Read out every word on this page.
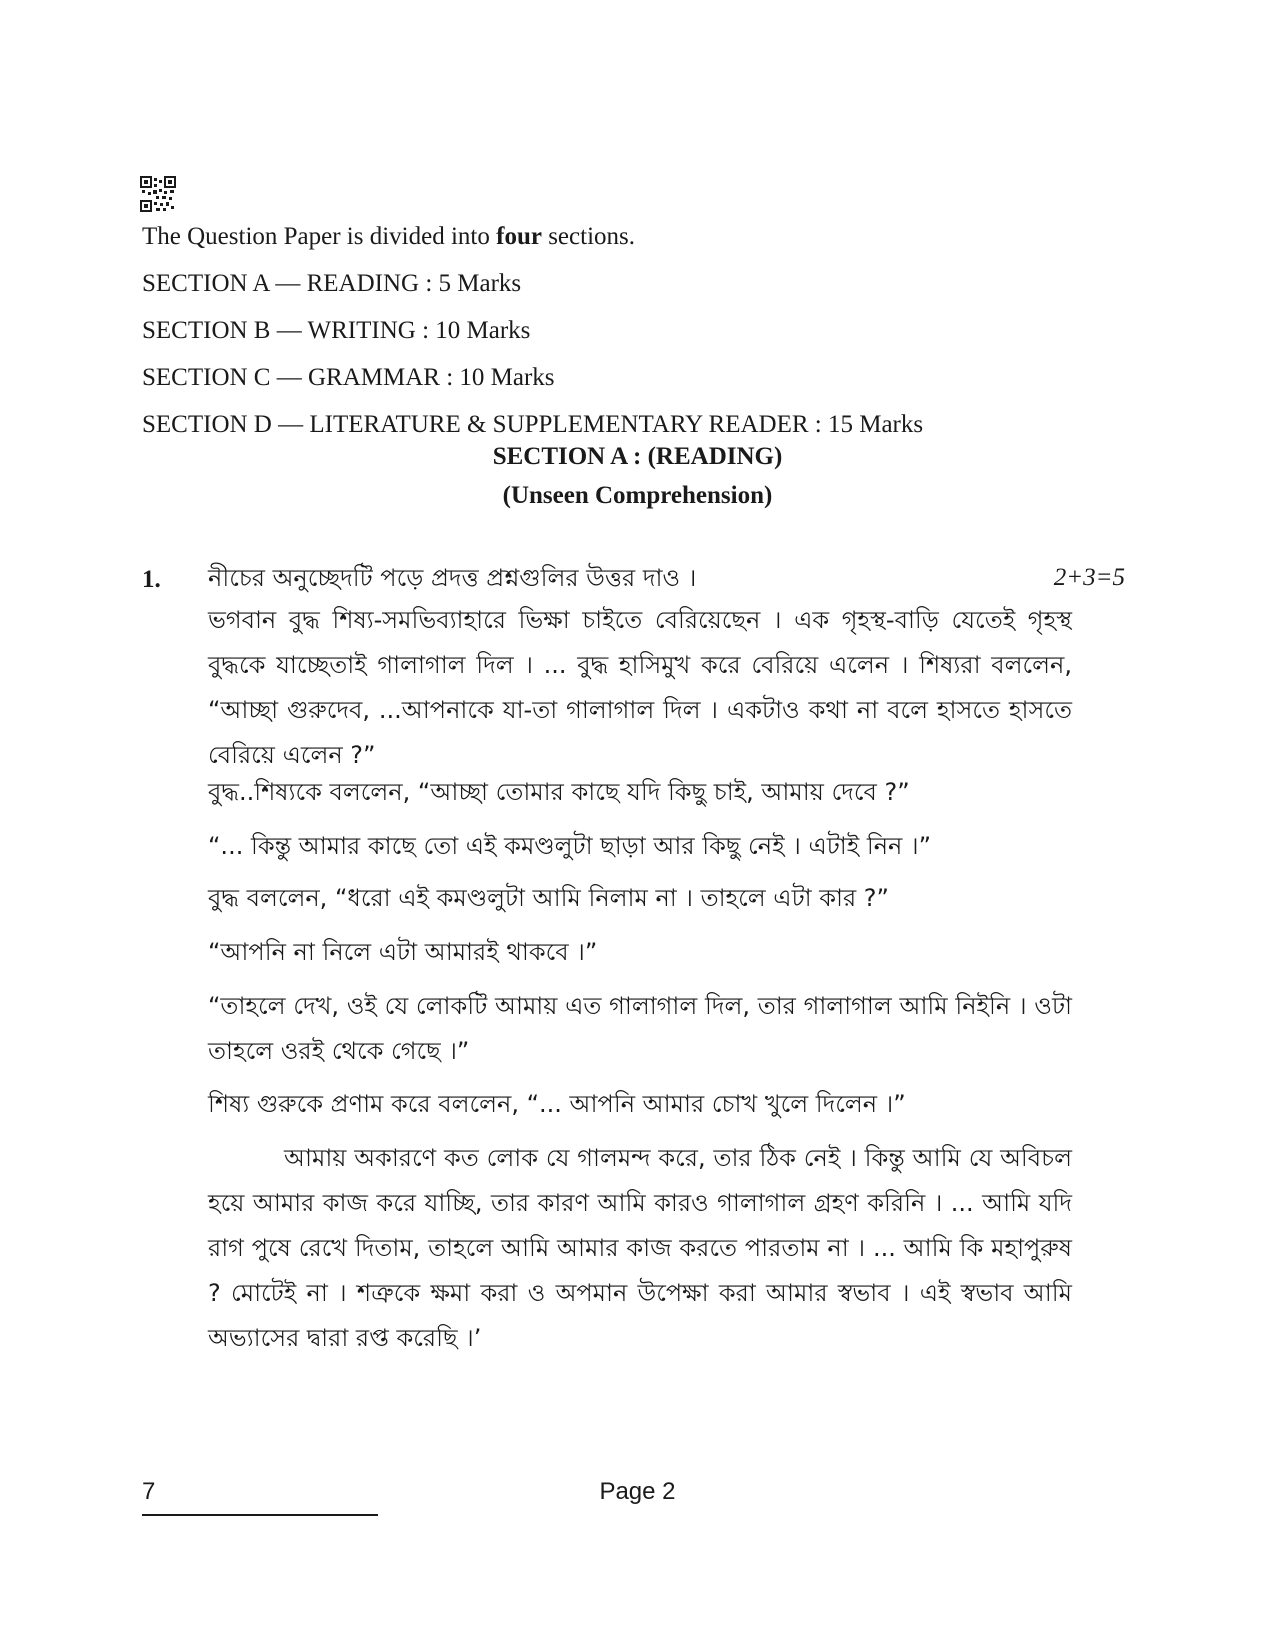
The Question Paper is divided into four sections.
SECTION A — READING : 5 Marks
SECTION B — WRITING : 10 Marks
SECTION C — GRAMMAR : 10 Marks
SECTION D — LITERATURE & SUPPLEMENTARY READER : 15 Marks
SECTION A : (READING)
(Unseen Comprehension)
1. নীচের অনুচ্ছেদটি পড়ে প্রদত্ত প্রশ্নগুলির উত্তর দাও ।	2+3=5
ভগবান বুদ্ধ শিষ্য-সমভিব্যাহারে ভিক্ষা চাইতে বেরিয়েছেন । এক গৃহস্থ-বাড়ি যেতেই গৃহস্থ বুদ্ধকে যাচ্ছেতাই গালাগাল দিল । ... বুদ্ধ হাসিমুখ করে বেরিয়ে এলেন । শিষ্যরা বললেন, “আচ্ছা গুরুদেব, ...আপনাকে যা-তা গালাগাল দিল । একটাও কথা না বলে হাসতে হাসতে বেরিয়ে এলেন ?”
বুদ্ধ..শিষ্যকে বললেন, “আচ্ছা তোমার কাছে যদি কিছু চাই, আমায় দেবে ?”
“... কিন্তু আমার কাছে তো এই কমণ্ডলুটা ছাড়া আর কিছু নেই । এটাই নিন ।”
বুদ্ধ বললেন, “ধরো এই কমণ্ডলুটা আমি নিলাম না । তাহলে এটা কার ?”
“আপনি না নিলে এটা আমারই থাকবে ।”
“তাহলে দেখ, ওই যে লোকটি আমায় এত গালাগাল দিল, তার গালাগাল আমি নিইনি । ওটা তাহলে ওরই থেকে গেছে ।”
শিষ্য গুরুকে প্রণাম করে বললেন, “... আপনি আমার চোখ খুলে দিলেন ।”
আমায় অকারণে কত লোক যে গালমন্দ করে, তার ঠিক নেই । কিন্তু আমি যে অবিচল হয়ে আমার কাজ করে যাচ্ছি, তার কারণ আমি কারও গালাগাল গ্রহণ করিনি । ... আমি যদি রাগ পুষে রেখে দিতাম, তাহলে আমি আমার কাজ করতে পারতাম না । ... আমি কি মহাপুরুষ ? মোটেই না । শত্রুকে ক্ষমা করা ও অপমান উপেক্ষা করা আমার স্বভাব । এই স্বভাব আমি অভ্যাসের দ্বারা রপ্ত করেছি ।’
7	Page 2
